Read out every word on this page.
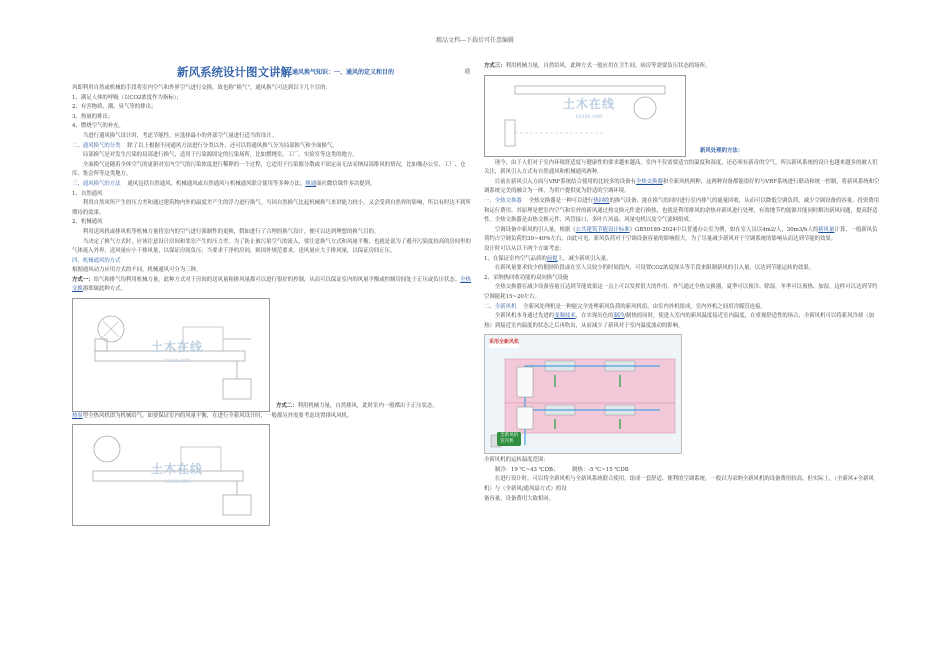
精品文档---下载后可任意编辑
新风系统设计图文讲解 通风换气知识：一、通风的定义和目的	通

风即利用自然或机械的手段将室内空气和外界空气进行交换，故也称“换气”，通风换气可达到以下几个目的：

1、满足人体的呼吸（以CO2浓度作为指标）；

2、有害物质、潮、臭气等的排出；

3、热量的排出；

4、燃烧空气的补充。

当进行通风换气设计时，考虑节能性，应选择最小的外部空气量进行适当的设计。

二、通风换气的分类 除了以上根据不同通风方法进行分类以外，还可以将通风换气分为局部换气和全面换气。

局部换气是对发生污染的局部进行换气，适用于污染源固定的污染场所，比如燃烧室、工厂、实验室等这类的地方。

全面换气是随着全体空气的更新对室内空气的污染浓度进行稀释的一个过程，它适用于污染源分散或不固定而无法采纳局部排风的情况，比如像办公室、工厂、仓库、集会所等这类地方。

三、通风换气的方法 通风包括自然通风、机械通风或自然通风与机械通风联合使用等多种方法。规通面社微信课件多次提到。

1、自然通风

利用自然风所产生的压力差和通过建筑物内外的温度差产生的浮力进行换气。当因自然换气比起机械换气来讲能力较小，又会受到自然界的影响，所以有时达不到所期待的效果。

2、机械通风

利用送风机或排风机等机械力量将室内的空气进行强制性的更换，假如进行了合理的换气设计，便可以达到理想的换气目的。

当决定了换气方式时，应该注意设计房间和邻室产生的压力差。为了防止被污染空气的流入，要注意换气方式和风量平衡，也就是说为了避开污染度较高的房间里的气体流入外界，送风量应小于排风量，以保证房间负压；当要求干净的房间，则国外规范要求，送风量应大于排风量，以保证房间正压。

四、机械通风的方式

根据通风动力应用方式的不同，机械通风可分为三种。

方式一：给气和排气均利用机械力量。此种方式对于房间的送风量和排风量都可以进行很好的控制，从而可以保证室内的风量平衡或控制房间处于正压或负压状态。全热交换器即属此种方式。

土木在线
CO188.COM
方式二：利用机械力量，自然排风，此时室内一般都出于正压状态，

热泵型全热风机即为机械给气，如要保证室内的风量平衡，在进行全新风设计时，一般都另外需要考虑设置排风风机。

土木在线
CO188.COM

方式三：利用机械力量，自然给风，此种方式一般应用在卫生间、病房等需要负压状态的场所。

土木在线
CO188.COM
新风处理的方法：

现今，由于人们对于室内环境舒适度与健康性的要求越来越高，室内不仅需要适宜的温度和湿度，还必须有新奇的空气，所以新风系统的设计也越来越多的被人们关注，新风引入方式有自然通风和机械通风两种。

目前在新风引入方面与VRF系统结合使用的比较多的设备有全热交换器和全新风机两种，这两种设备都能很好的与VRF系统进行联动和统一控制，将新风系统和空调系统完美的融合为一体，为用户提供更为舒适的空调环境。

一、全热交换器 全热交换器是一种可以进行热回收的换气设备，能在换气的同时进行室内排气的能量回收，从而可以降低空调负荷，减少空调设备的容量、投资费用和运行费用。其原理是把室内空气和室外的新风通过热交换元件进行换热，也就是利用排风的余热对新风进行处理，有效地节约能源并能同时解决新风问题，提高舒适性。全热交换器是由热交换元件、风管接口、多叶片风扇、风量电机以及空气滤网组成。

空调设备中新风的引入量，根据《公共建筑节能设计标准》GB50189-2024中以普通办公室为例，如在室人员以4m2/人，30m3/h人的新风量计算，一般新风负荷约占空调负荷的30~40%左右。由此可见，新风负荷对于空调设备容量的影响很大，为了尽量减少新风对于空调系统的影响从而达到节能的效果。

设计时可以从以下两个方面考虑：

1、在保证室内空气品质的前提上，减少新风引入量。

在新风量要求较少的拥挤阶段或在室人员较少的时间段内，可设置CO2浓度探头等手段来限制新风的引入量，以达到节能运转的效果。

2、采纳热回收功能的双向换气设施

全热交换器在减少设备容量且达到节能效果这一点上可以发挥很大的作用。外气通过全热交换器，夏季可以预冷、除湿，冬季可以预热、加湿，这样可以达到节约空调能耗15~20左右。

二、全新风机 全新风处理机是一种能完全处理新风负荷的新风机组，由室内外机组成，室内外机之间用冷媒管连接。

全新风机本身通过先进的变频技术，在实现出色的制冷/制热的同时，使进入室内的新风温度接近室内温度，在重视舒适性的场合，全新风机可以将新风冷却（加热）到接近室内温度的状态之后再吹出，从而减少了新风对于室内温度波动的影响。

采用全新风机
全新风机
室内机

全新风机的运转温度范围：

制冷：19 ℃~43 ℃DB；	制热：-5 ℃~15 ℃DB

在进行设计时，可以将全新风机与全新风系统联合使用，组成一套舒适、便利的空调系统。一般以为采纳全新风机的设备费用较高，但实际上，（全新风+全新风机）与（全新风/通风扇方式）的设

备容量、设备费用大致相同。
